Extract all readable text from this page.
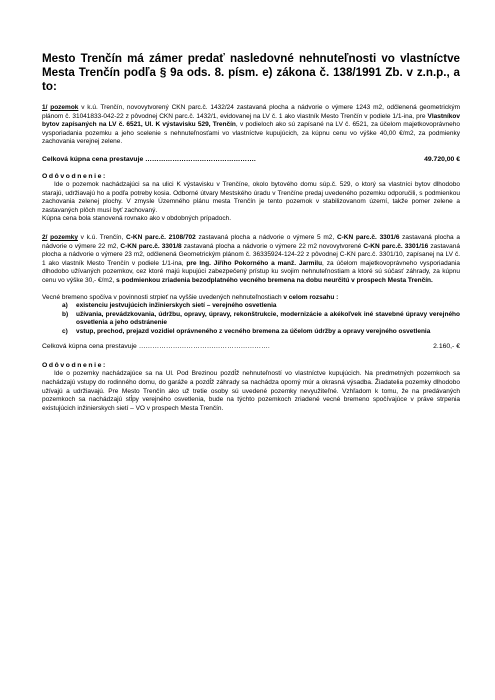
Mesto Trenčín má zámer predať nasledovné nehnuteľnosti vo vlastníctve Mesta Trenčín podľa § 9a ods. 8. písm. e) zákona č. 138/1991 Zb. v z.n.p., a to:

1/ pozemok v k.ú. Trenčín, novovytvorený CKN parc.č. 1432/24 zastavaná plocha a nádvorie o výmere 1243 m2, odčlenená geometrickým plánom č. 31041833-042-22 z pôvodnej CKN parc.č. 1432/1, evidovanej na LV č. 1 ako vlastník Mesto Trenčín v podiele 1/1-ina, pre Vlastníkov bytov zapísaných na LV č. 6521, Ul. K výstavisku 529, Trenčín, v podieloch ako sú zapísané na LV č. 6521, za účelom majetkovoprávneho vysporiadania pozemku a jeho scelenie s nehnuteľnosťami vo vlastníctve kupujúcich, za kúpnu cenu vo výške 40,00 €/m2, za podmienky zachovania verejnej zelene.

Celková kúpna cena prestavuje ………………………………………….	49.720,00 €
Odôvodnenie:

Ide o pozemok nachádzajúci sa na ulici K výstavisku v Trenčíne, okolo bytového domu súp.č. 529, o ktorý sa vlastníci bytov dlhodobo starajú, udržiavajú ho a podľa potreby kosia. Odborné útvary Mestského úradu v Trenčíne predaj uvedeného pozemku odporučili, s podmienkou zachovania zelenej plochy. V zmysle Územného plánu mesta Trenčín je tento pozemok v stabilizovanom území, takže pomer zelene a zastavaných plôch musí byť zachovaný.

Kúpna cena bola stanovená rovnako ako v obdobných prípadoch.

2/ pozemky v k.ú. Trenčín, C-KN parc.č. 2108/702 zastavaná plocha a nádvorie o výmere 5 m2, C-KN parc.č. 3301/6 zastavaná plocha a nádvorie o výmere 22 m2, C-KN parc.č. 3301/8 zastavaná plocha a nádvorie o výmere 22 m2 novovytvorené C-KN parc.č. 3301/16 zastavaná plocha a nádvorie o výmere 23 m2, odčlenená Geometrickým plánom č. 36335924-124-22 z pôvodnej C-KN parc.č. 3301/10, zapísanej na LV č. 1 ako vlastník Mesto Trenčín v podiele 1/1-ina, pre Ing. Jiřího Pokorného a manž. Jarmilu, za účelom majetkovoprávneho vysporiadania dlhodobo užívaných pozemkov, cez ktoré majú kupujúci zabezpečený prístup ku svojim nehnuteľnostiam a ktoré sú súčasť záhrady, za kúpnu cenu vo výške 30,- €/m2, s podmienkou zriadenia bezodplatného vecného bremena na dobu neurčitú v prospech Mesta Trenčín.

Vecné bremeno spočíva v povinnosti strpieť na vyššie uvedených nehnuteľnostiach v celom rozsahu :

a)	existenciu jestvujúcich inžinierskych sietí – verejného osvetlenia
b)	užívania, prevádzkovania, údržbu, opravy, úpravy, rekonštrukcie, modernizácie a akékoľvek iné stavebné úpravy verejného osvetlenia a jeho odstránenie
c)	vstup, prechod, prejazd vozidiel oprávneného z vecného bremena za účelom údržby a opravy verejného osvetlenia
Celková kúpna cena prestavuje ………………………………………………….	2.160,- €
Odôvodnenie:

Ide o pozemky nachádzajúce sa na Ul. Pod Brezinou pozdĺž nehnuteľností vo vlastníctve kupujúcich. Na predmetných pozemkoch sa nachádzajú vstupy do rodinného domu, do garáže a pozdĺž záhrady sa nachádza oporný múr a okrasná výsadba. Žiadatelia pozemky dlhodobo užívajú a udržiavajú. Pre Mesto Trenčín ako už tretie osoby sú uvedené pozemky nevyužiteľné. Vzhľadom k tomu, že na predávaných pozemkoch sa nachádzajú stĺpy verejného osvetlenia, bude na týchto pozemkoch zriadené vecné bremeno spočívajúce v práve strpenia existujúcich inžinierskych sietí – VO v prospech Mesta Trenčín.
